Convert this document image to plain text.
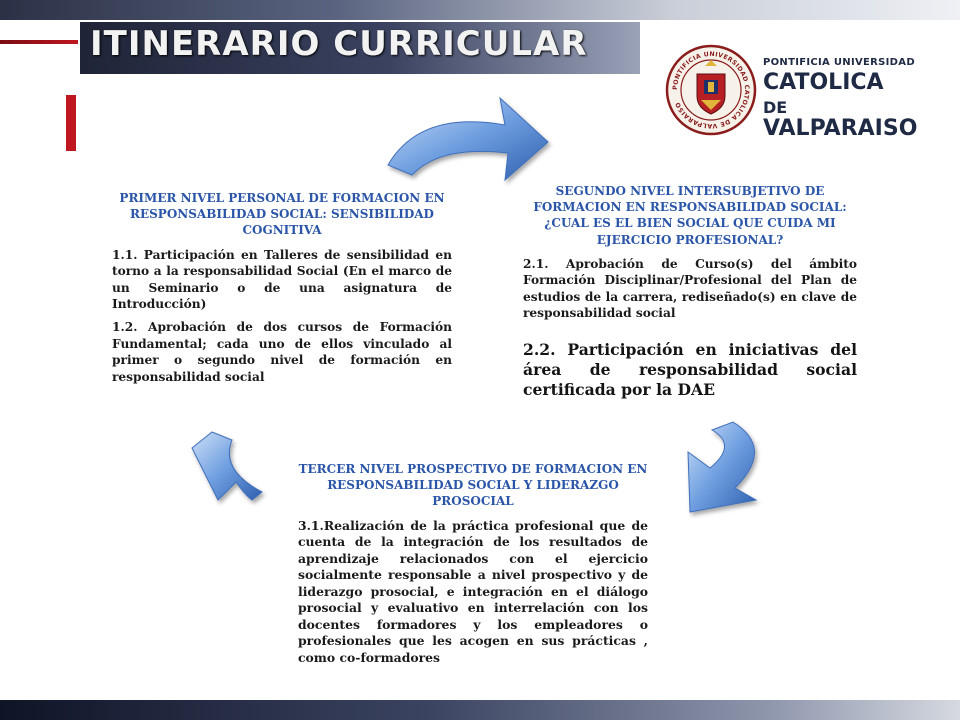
ITINERARIO CURRICULAR
PONTIFICIA UNIVERSIDAD CATOLICA DE VALPARAISO
PONTIFICIA UNIVERSIDAD
CATOLICA
DE VALPARAISO
PRIMER NIVEL PERSONAL DE FORMACION EN RESPONSABILIDAD SOCIAL: SENSIBILIDAD COGNITIVA
1.1. Participación en Talleres de sensibilidad en torno a la responsabilidad Social (En el marco de un Seminario o de una asignatura de Introducción)
1.2. Aprobación de dos cursos de Formación Fundamental; cada uno de ellos vinculado al primer o segundo nivel de formación en responsabilidad social
SEGUNDO NIVEL INTERSUBJETIVO DE FORMACION EN RESPONSABILIDAD SOCIAL: ¿CUAL ES EL BIEN SOCIAL QUE CUIDA MI EJERCICIO PROFESIONAL?
2.1. Aprobación de Curso(s) del ámbito Formación Disciplinar/Profesional del Plan de estudios de la carrera, rediseñado(s) en clave de responsabilidad social
2.2. Participación en iniciativas del área de responsabilidad social certificada por la DAE
TERCER NIVEL PROSPECTIVO DE FORMACION EN RESPONSABILIDAD SOCIAL Y LIDERAZGO PROSOCIAL
3.1.Realización de la práctica profesional que de cuenta de la integración de los resultados de aprendizaje relacionados con el ejercicio socialmente responsable a nivel prospectivo y de liderazgo prosocial, e integración en el diálogo prosocial y evaluativo en interrelación con los docentes formadores y los empleadores o profesionales que les acogen en sus prácticas , como co-formadores
